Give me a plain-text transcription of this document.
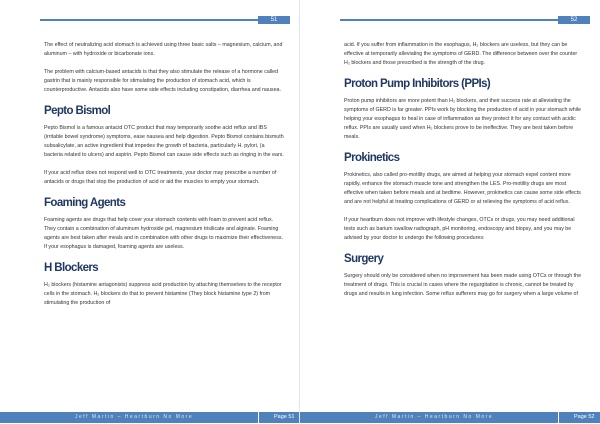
51

The effect of neutralizing acid stomach is achieved using three basic salts – magnesium, calcium, and aluminum – with hydroxide or bicarbonate ions.

The problem with calcium-based antacids is that they also stimulate the release of a hormone called gastrin that is mainly responsible for stimulating the production of stomach acid, which is counterproductive. Antacids also have some side effects including constipation, diarrhea and nausea.

Pepto Bismol

Pepto Bismol is a famous antacid OTC product that may temporarily soothe acid reflux and IBS (irritable bowel syndrome) symptoms, ease nausea and help digestion. Pepto Bismol contains bismuth subsalicylate, an active ingredient that impedes the growth of bacteria, particularly H. pylori, (a bacteria related to ulcers) and aspirin. Pepto Bismol can cause side effects such as ringing in the ears.

If your acid reflux does not respond well to OTC treatments, your doctor may prescribe a number of antacids or drugs that stop the production of acid or aid the muscles to empty your stomach.

Foaming Agents

Foaming agents are drugs that help cover your stomach contents with foam to prevent acid reflux. They contain a combination of aluminum hydroxide gel, magnesium trisilicate and alginate. Foaming agents are best taken after meals and in combination with other drugs to maximize their effectiveness. If your esophagus is damaged, foaming agents are useless.

H Blockers

H₂ blockers (histamine antagonists) suppress acid production by attaching themselves to the receptor cells in the stomach. H₂ blockers do that to prevent histamine (They block histamine type 2) from stimulating the production of

Jeff Martin – Heartburn No More	Page 51
52

acid. If you suffer from inflammation in the esophagus, H₂ blockers are useless, but they can be effective at temporarily alleviating the symptoms of GERD. The difference between over the counter H₂ blockers and those prescribed is the strength of the drug.

Proton Pump Inhibitors (PPIs)

Proton pump inhibitors are more potent than H₂ blockers, and their success rate at alleviating the symptoms of GERD is far greater. PPIs work by blocking the production of acid in your stomach while helping your esophagus to heal in case of inflammation as they protect it for any contact with acidic reflux. PPIs are usually used when H₂ blockers prove to be ineffective. They are best taken before meals.

Prokinetics

Prokinetics, also called pro-motility drugs, are aimed at helping your stomach expel content more rapidly, enhance the stomach muscle tone and strengthen the LES. Pro-motility drugs are most effective when taken before meals and at bedtime. However, prokinetics can cause some side effects and are not helpful at treating complications of GERD or at relieving the symptoms of acid reflux.

If your heartburn does not improve with lifestyle changes, OTCs or drugs, you may need additional tests such as barium swallow radiograph, pH monitoring, endoscopy and biopsy, and you may be advised by your doctor to undergo the following procedures:

Surgery

Surgery should only be considered when no improvement has been made using OTCs or through the treatment of drugs. This is crucial in cases where the regurgitation is chronic, cannot be treated by drugs and results in lung infection. Some reflux sufferers may go for surgery when a large volume of

Jeff Martin – Heartburn No More	Page 52
